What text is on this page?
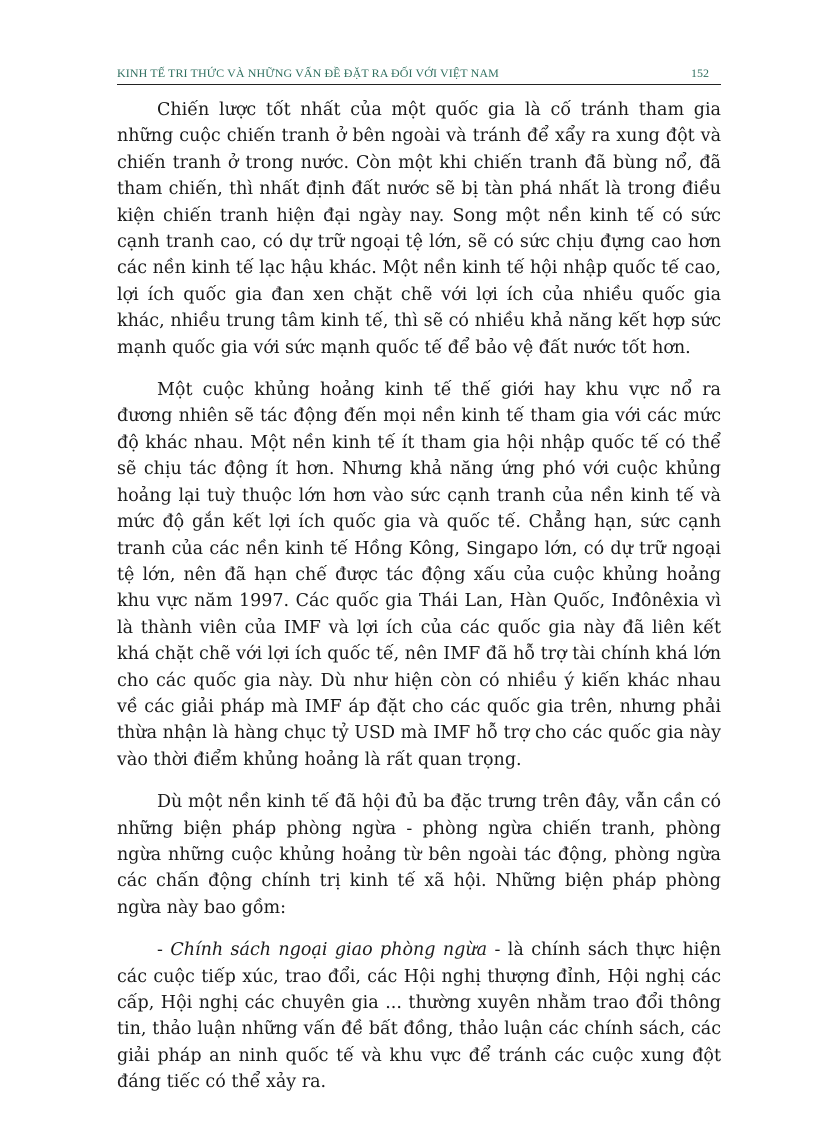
KINH TẾ TRI THỨC VÀ NHỮNG VẤN ĐỀ ĐẶT RA ĐỐI VỚI VIỆT NAM	152

Chiến lược tốt nhất của một quốc gia là cố tránh tham gia những cuộc chiến tranh ở bên ngoài và tránh để xẩy ra xung đột và chiến tranh ở trong nước. Còn một khi chiến tranh đã bùng nổ, đã tham chiến, thì nhất định đất nước sẽ bị tàn phá nhất là trong điều kiện chiến tranh hiện đại ngày nay. Song một nền kinh tế có sức cạnh tranh cao, có dự trữ ngoại tệ lớn, sẽ có sức chịu đựng cao hơn các nền kinh tế lạc hậu khác. Một nền kinh tế hội nhập quốc tế cao, lợi ích quốc gia đan xen chặt chẽ với lợi ích của nhiều quốc gia khác, nhiều trung tâm kinh tế, thì sẽ có nhiều khả năng kết hợp sức mạnh quốc gia với sức mạnh quốc tế để bảo vệ đất nước tốt hơn.

Một cuộc khủng hoảng kinh tế thế giới hay khu vực nổ ra đương nhiên sẽ tác động đến mọi nền kinh tế tham gia với các mức độ khác nhau. Một nền kinh tế ít tham gia hội nhập quốc tế có thể sẽ chịu tác động ít hơn. Nhưng khả năng ứng phó với cuộc khủng hoảng lại tuỳ thuộc lớn hơn vào sức cạnh tranh của nền kinh tế và mức độ gắn kết lợi ích quốc gia và quốc tế. Chẳng hạn, sức cạnh tranh của các nền kinh tế Hồng Kông, Singapo lớn, có dự trữ ngoại tệ lớn, nên đã hạn chế được tác động xấu của cuộc khủng hoảng khu vực năm 1997. Các quốc gia Thái Lan, Hàn Quốc, Inđônêxia vì là thành viên của IMF và lợi ích của các quốc gia này đã liên kết khá chặt chẽ với lợi ích quốc tế, nên IMF đã hỗ trợ tài chính khá lớn cho các quốc gia này. Dù như hiện còn có nhiều ý kiến khác nhau về các giải pháp mà IMF áp đặt cho các quốc gia trên, nhưng phải thừa nhận là hàng chục tỷ USD mà IMF hỗ trợ cho các quốc gia này vào thời điểm khủng hoảng là rất quan trọng.

Dù một nền kinh tế đã hội đủ ba đặc trưng trên đây, vẫn cần có những biện pháp phòng ngừa - phòng ngừa chiến tranh, phòng ngừa những cuộc khủng hoảng từ bên ngoài tác động, phòng ngừa các chấn động chính trị kinh tế xã hội. Những biện pháp phòng ngừa này bao gồm:

- Chính sách ngoại giao phòng ngừa - là chính sách thực hiện các cuộc tiếp xúc, trao đổi, các Hội nghị thượng đỉnh, Hội nghị các cấp, Hội nghị các chuyên gia ... thường xuyên nhằm trao đổi thông tin, thảo luận những vấn đề bất đồng, thảo luận các chính sách, các giải pháp an ninh quốc tế và khu vực để tránh các cuộc xung đột đáng tiếc có thể xảy ra.
